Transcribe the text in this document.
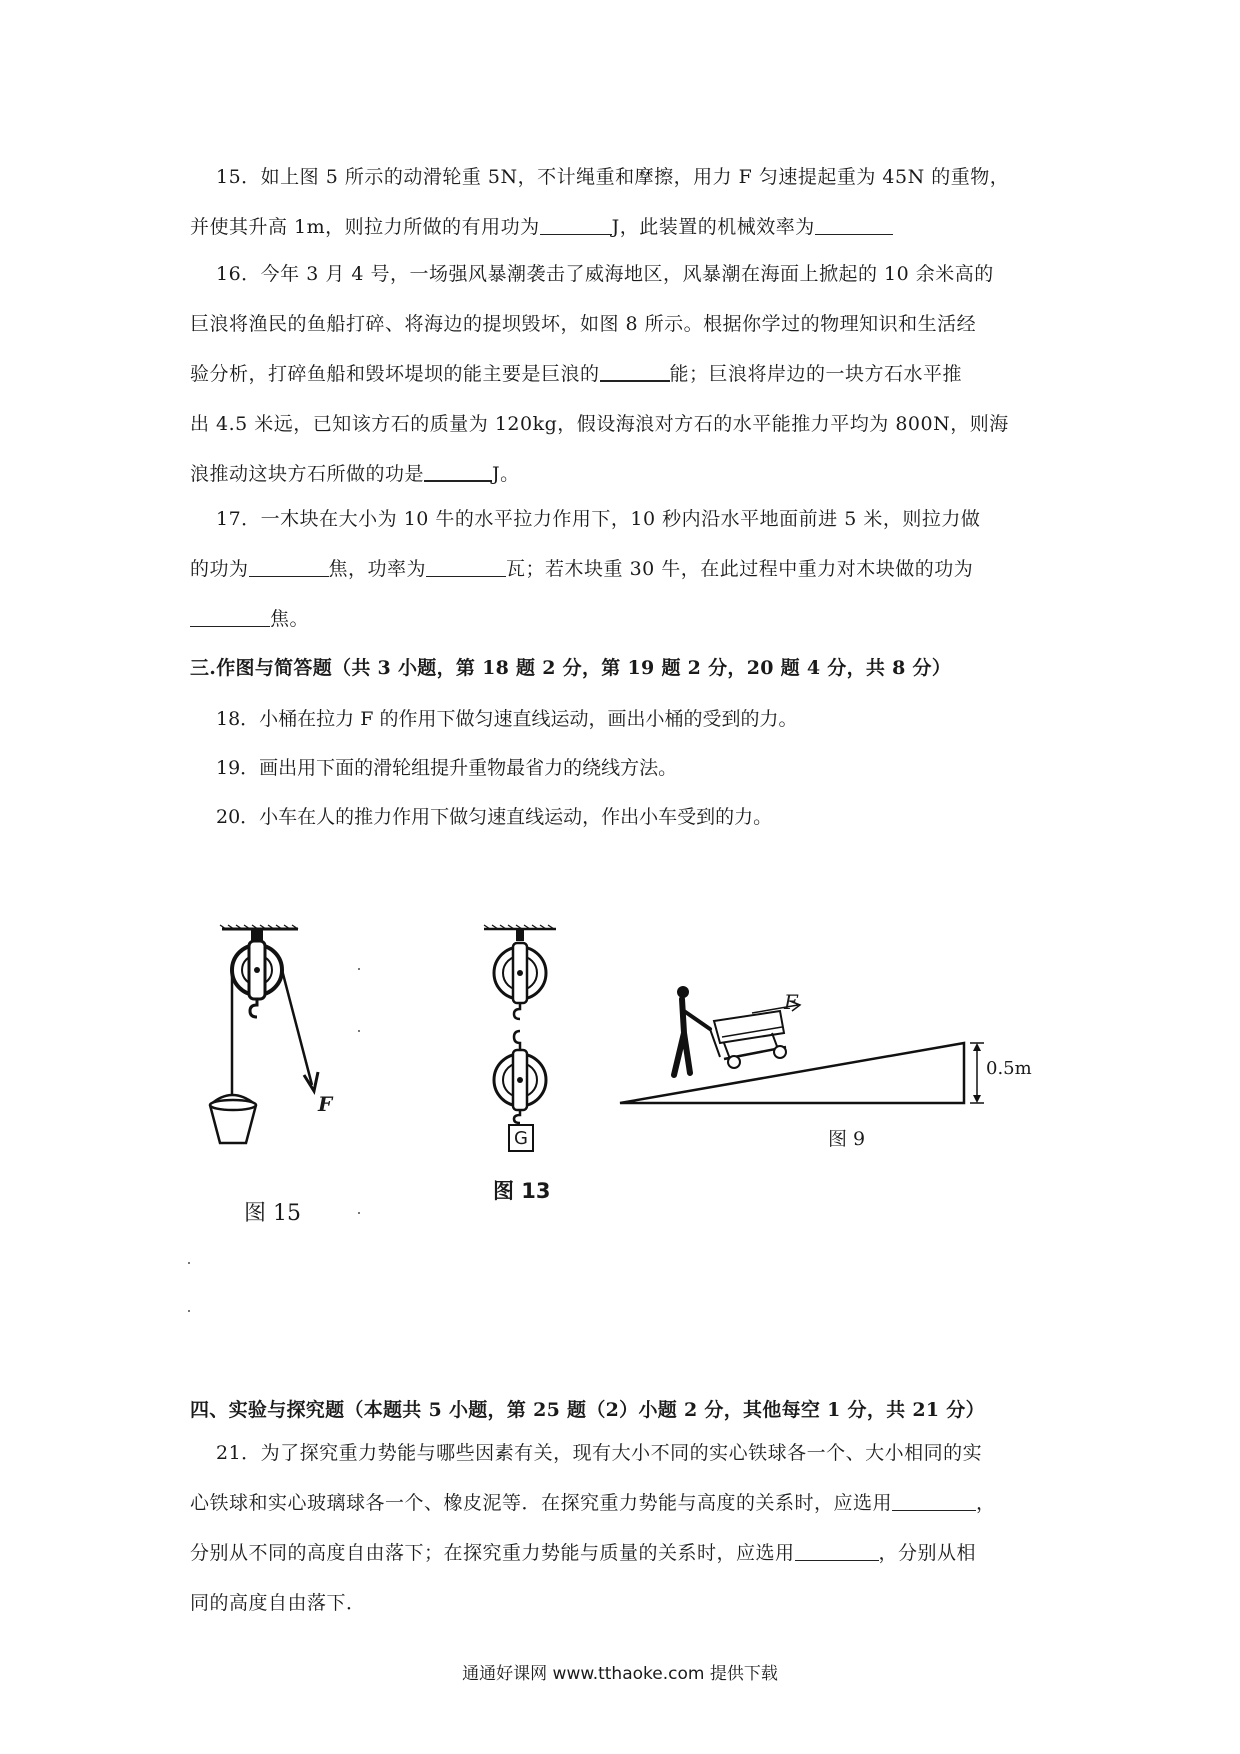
15．如上图 5 所示的动滑轮重 5N，不计绳重和摩擦，用力 F 匀速提起重为 45N 的重物，
并使其升高 1m，则拉力所做的有用功为	J，此装置的机械效率为
16．今年 3 月 4 号，一场强风暴潮袭击了威海地区，风暴潮在海面上掀起的 10 余米高的
巨浪将渔民的鱼船打碎、将海边的提坝毁坏，如图 8 所示。根据你学过的物理知识和生活经
验分析，打碎鱼船和毁坏堤坝的能主要是巨浪的	能；巨浪将岸边的一块方石水平推
出 4.5 米远，已知该方石的质量为 120kg，假设海浪对方石的水平能推力平均为 800N，则海
浪推动这块方石所做的功是	J。
17．一木块在大小为 10 牛的水平拉力作用下，10 秒内沿水平地面前进 5 米，则拉力做
的功为	焦，功率为	瓦；若木块重 30 牛，在此过程中重力对木块做的功为
焦。
三.作图与简答题（共 3 小题，第 18 题 2 分，第 19 题 2 分，20 题 4 分，共 8 分）
18．小桶在拉力 F 的作用下做匀速直线运动，画出小桶的受到的力。
19．画出用下面的滑轮组提升重物最省力的绕线方法。
20．小车在人的推力作用下做匀速直线运动，作出小车受到的力。
F
图 15
G
图 13
F
0.5m
图 9
四、实验与探究题（本题共 5 小题，第 25 题（2）小题 2 分，其他每空 1 分，共 21 分）
21．为了探究重力势能与哪些因素有关，现有大小不同的实心铁球各一个、大小相同的实
心铁球和实心玻璃球各一个、橡皮泥等．在探究重力势能与高度的关系时，应选用	，
分别从不同的高度自由落下；在探究重力势能与质量的关系时，应选用	，分别从相
同的高度自由落下．
通通好课网 www.tthaoke.com 提供下载
